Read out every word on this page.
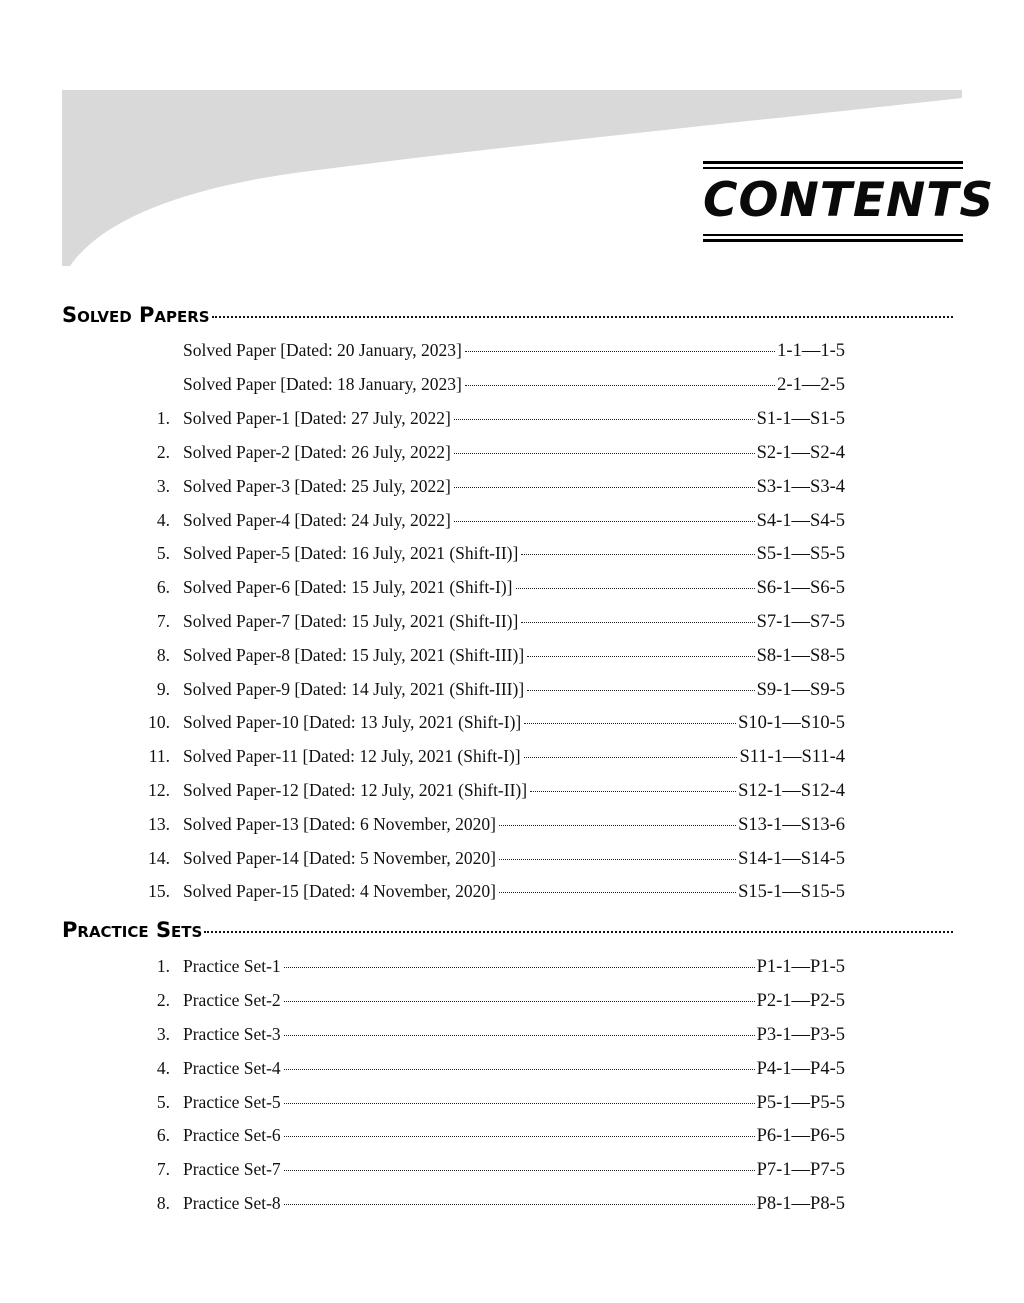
CONTENTS
Solved Papers
Solved Paper [Dated: 20 January, 2023]	1-1—1-5
Solved Paper [Dated: 18 January, 2023]	2-1—2-5
1. Solved Paper-1 [Dated: 27 July, 2022]	S1-1—S1-5
2. Solved Paper-2 [Dated: 26 July, 2022]	S2-1—S2-4
3. Solved Paper-3 [Dated: 25 July, 2022]	S3-1—S3-4
4. Solved Paper-4 [Dated: 24 July, 2022]	S4-1—S4-5
5. Solved Paper-5 [Dated: 16 July, 2021 (Shift-II)]	S5-1—S5-5
6. Solved Paper-6 [Dated: 15 July, 2021 (Shift-I)]	S6-1—S6-5
7. Solved Paper-7 [Dated: 15 July, 2021 (Shift-II)]	S7-1—S7-5
8. Solved Paper-8 [Dated: 15 July, 2021 (Shift-III)]	S8-1—S8-5
9. Solved Paper-9 [Dated: 14 July, 2021 (Shift-III)]	S9-1—S9-5
10. Solved Paper-10 [Dated: 13 July, 2021 (Shift-I)]	S10-1—S10-5
11. Solved Paper-11 [Dated: 12 July, 2021 (Shift-I)]	S11-1—S11-4
12. Solved Paper-12 [Dated: 12 July, 2021 (Shift-II)]	S12-1—S12-4
13. Solved Paper-13 [Dated: 6 November, 2020]	S13-1—S13-6
14. Solved Paper-14 [Dated: 5 November, 2020]	S14-1—S14-5
15. Solved Paper-15 [Dated: 4 November, 2020]	S15-1—S15-5
Practice Sets
1. Practice Set-1	P1-1—P1-5
2. Practice Set-2	P2-1—P2-5
3. Practice Set-3	P3-1—P3-5
4. Practice Set-4	P4-1—P4-5
5. Practice Set-5	P5-1—P5-5
6. Practice Set-6	P6-1—P6-5
7. Practice Set-7	P7-1—P7-5
8. Practice Set-8	P8-1—P8-5
